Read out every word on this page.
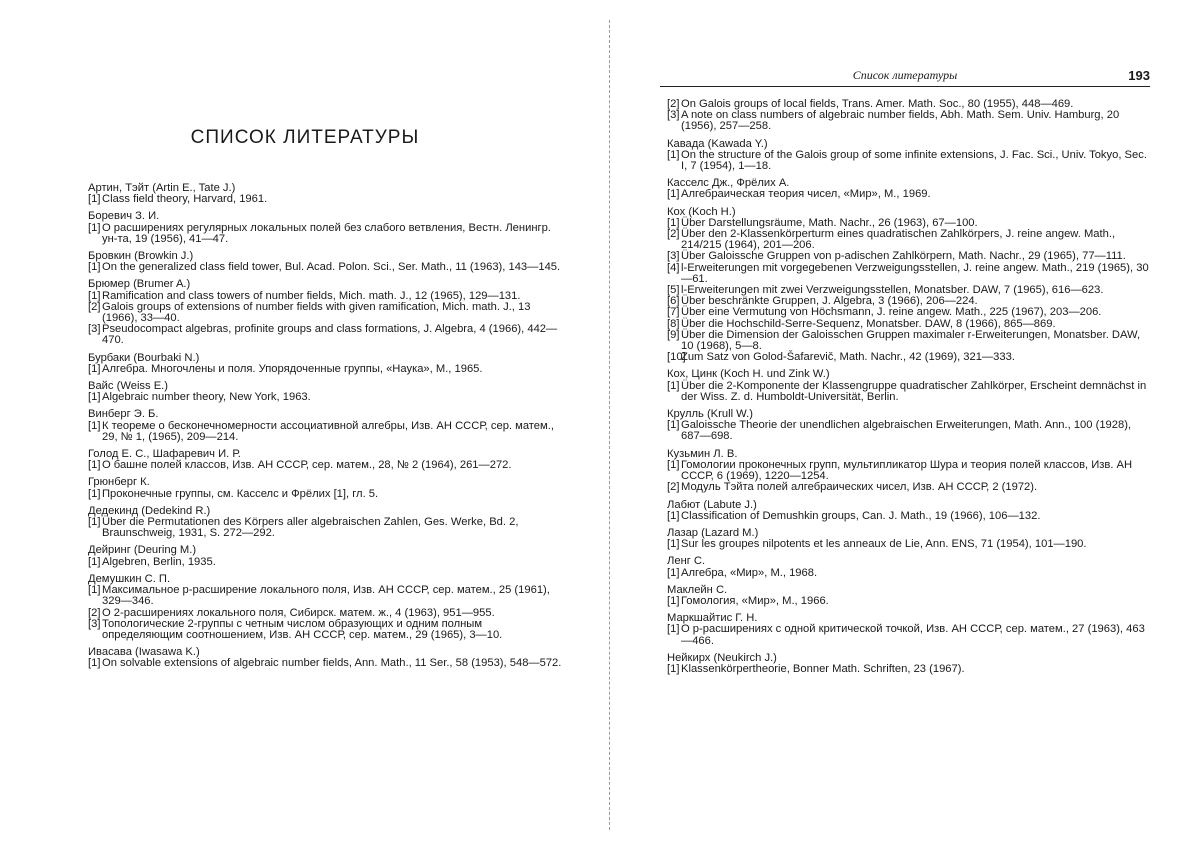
СПИСОК ЛИТЕРАТУРЫ
Артин, Тэйт (Artin E., Tate J.)
[1] Class field theory, Harvard, 1961.
Боревич З. И.
[1] О расширениях регулярных локальных полей без слабого ветвления, Вестн. Ленингр. ун-та, 19 (1956), 41—47.
Бровкин (Browkin J.)
[1] On the generalized class field tower, Bul. Acad. Polon. Sci., Ser. Math., 11 (1963), 143—145.
Брюмер (Brumer A.)
[1] Ramification and class towers of number fields, Mich. math. J., 12 (1965), 129—131.
[2] Galois groups of extensions of number fields with given ramification, Mich. math. J., 13 (1966), 33—40.
[3] Pseudocompact algebras, profinite groups and class formations, J. Algebra, 4 (1966), 442—470.
Бурбаки (Bourbaki N.)
[1] Алгебра. Многочлены и поля. Упорядоченные группы, «Наука», М., 1965.
Вайс (Weiss E.)
[1] Algebraic number theory, New York, 1963.
Винберг Э. Б.
[1] К теореме о бесконечномерности ассоциативной алгебры, Изв. АН СССР, сер. матем., 29, № 1, (1965), 209—214.
Голод Е. С., Шафаревич И. Р.
[1] О башне полей классов, Изв. АН СССР, сер. матем., 28, № 2 (1964), 261—272.
Грюнберг К.
[1] Проконечные группы, см. Касселс и Фрёлих [1], гл. 5.
Дедекинд (Dedekind R.)
[1] Über die Permutationen des Körpers aller algebraischen Zahlen, Ges. Werke, Bd. 2, Braunschweig, 1931, S. 272—292.
Дейринг (Deuring M.)
[1] Algebren, Berlin, 1935.
Демушкин С. П.
[1] Максимальное p-расширение локального поля, Изв. АН СССР, сер. матем., 25 (1961), 329—346.
[2] О 2-расширениях локального поля, Сибирск. матем. ж., 4 (1963), 951—955.
[3] Топологические 2-группы с четным числом образующих и одним полным определяющим соотношением, Изв. АН СССР, сер. матем., 29 (1965), 3—10.
Ивасава (Iwasawa K.)
[1] On solvable extensions of algebraic number fields, Ann. Math., 11 Ser., 58 (1953), 548—572.
Список литературы	193
[2] On Galois groups of local fields, Trans. Amer. Math. Soc., 80 (1955), 448—469.
[3] A note on class numbers of algebraic number fields, Abh. Math. Sem. Univ. Hamburg, 20 (1956), 257—258.
Кавада (Kawada Y.)
[1] On the structure of the Galois group of some infinite extensions, J. Fac. Sci., Univ. Tokyo, Sec. I, 7 (1954), 1—18.
Касселс Дж., Фрёлих А.
[1] Алгебраическая теория чисел, «Мир», М., 1969.
Кох (Koch H.)
[1] Über Darstellungsräume, Math. Nachr., 26 (1963), 67—100.
[2] Über den 2-Klassenkörperturm eines quadratischen Zahlkörpers, J. reine angew. Math., 214/215 (1964), 201—206.
[3] Über Galoissche Gruppen von p-adischen Zahlkörpern, Math. Nachr., 29 (1965), 77—111.
[4] l-Erweiterungen mit vorgegebenen Verzweigungsstellen, J. reine angew. Math., 219 (1965), 30—61.
[5] l-Erweiterungen mit zwei Verzweigungsstellen, Monatsber. DAW, 7 (1965), 616—623.
[6] Über beschränkte Gruppen, J. Algebra, 3 (1966), 206—224.
[7] Über eine Vermutung von Höchsmann, J. reine angew. Math., 225 (1967), 203—206.
[8] Über die Hochschild-Serre-Sequenz, Monatsber. DAW, 8 (1966), 865—869.
[9] Über die Dimension der Galoisschen Gruppen maximaler r-Erweiterungen, Monatsber. DAW, 10 (1968), 5—8.
[10]Zum Satz von Golod-Šafarevič, Math. Nachr., 42 (1969), 321—333.
Кох, Цинк (Koch H. und Zink W.)
[1] Über die 2-Komponente der Klassengruppe quadratischer Zahlkörper, Erscheint demnächst in der Wiss. Z. d. Humboldt-Universität, Berlin.
Крулль (Krull W.)
[1] Galoissche Theorie der unendlichen algebraischen Erweiterungen, Math. Ann., 100 (1928), 687—698.
Кузьмин Л. В.
[1] Гомологии проконечных групп, мультипликатор Шура и теория полей классов, Изв. АН СССР, 6 (1969), 1220—1254.
[2] Модуль Тэйта полей алгебраических чисел, Изв. АН СССР, 2 (1972).
Лабют (Labute J.)
[1] Classification of Demushkin groups, Can. J. Math., 19 (1966), 106—132.
Лазар (Lazard M.)
[1] Sur les groupes nilpotents et les anneaux de Lie, Ann. ENS, 71 (1954), 101—190.
Ленг С.
[1] Алгебра, «Мир», М., 1968.
Маклейн С.
[1] Гомология, «Мир», М., 1966.
Маркшайтис Г. Н.
[1] О p-расширениях с одной критической точкой, Изв. АН СССР, сер. матем., 27 (1963), 463—466.
Нейкирх (Neukirch J.)
[1] Klassenkörpertheorie, Bonner Math. Schriften, 23 (1967).
